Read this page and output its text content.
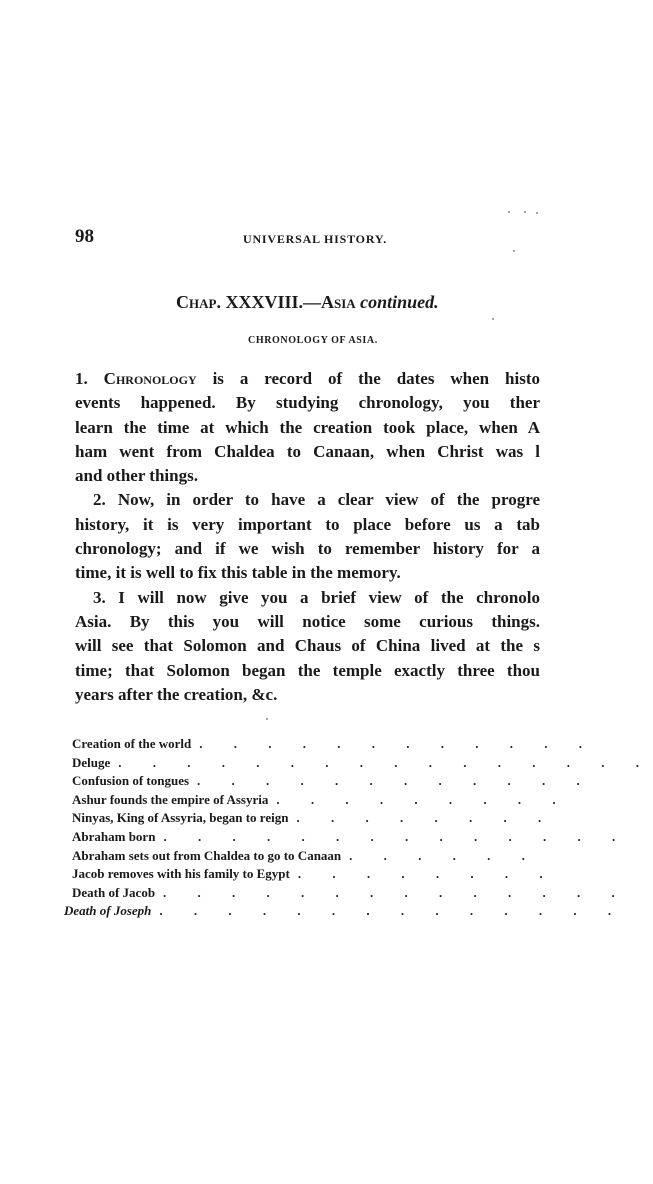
98	UNIVERSAL HISTORY.
Chap. XXXVIII.—Asia continued.
CHRONOLOGY OF ASIA.
1. Chronology is a record of the dates when histo
events happened. By studying chronology, you ther
learn the time at which the creation took place, when A
ham went from Chaldea to Canaan, when Christ was l
and other things.
2. Now, in order to have a clear view of the progre
history, it is very important to place before us a tab
chronology; and if we wish to remember history for a
time, it is well to fix this table in the memory.
3. I will now give you a brief view of the chronolo
Asia. By this you will notice some curious things.
will see that Solomon and Chaus of China lived at the s
time; that Solomon began the temple exactly three thou
years after the creation, &c.
Creation of the world . . . . . . . . . . . .
Deluge . . . . . . . . . . . . . . . .
Confusion of tongues . . . . . . . . . . . .
Ashur founds the empire of Assyria . . . . . . . . .
Ninyas, King of Assyria, began to reign . . . . . . . .
Abraham born . . . . . . . . . . . . . .
Abraham sets out from Chaldea to go to Canaan . . . . . .
Jacob removes with his family to Egypt . . . . . . . .
Death of Jacob . . . . . . . . . . . . . .
Death of Joseph . . . . . . . . . . . . . .
